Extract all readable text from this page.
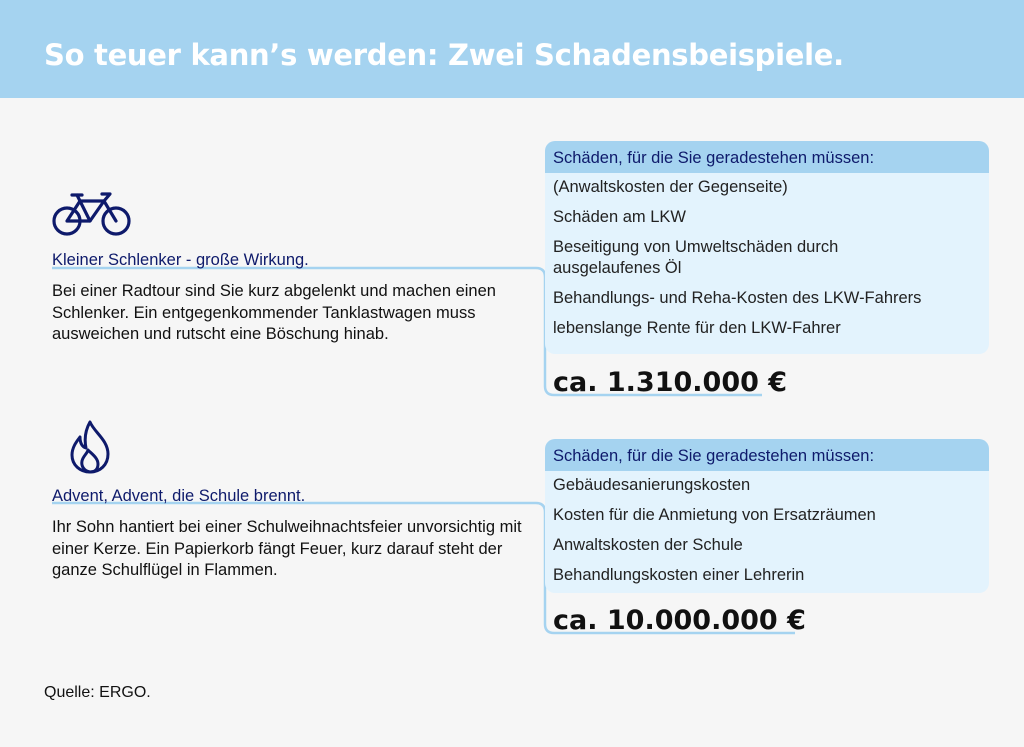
So teuer kann’s werden: Zwei Schadensbeispiele.
Kleiner Schlenker - große Wirkung.
Bei einer Radtour sind Sie kurz abgelenkt und machen einen Schlenker. Ein entgegenkommender Tanklastwagen muss ausweichen und rutscht eine Böschung hinab.
Schäden, für die Sie geradestehen müssen:
(Anwaltskosten der Gegenseite)
Schäden am LKW
Beseitigung von Umweltschäden durch ausgelaufenes Öl
Behandlungs- und Reha-Kosten des LKW-Fahrers
lebenslange Rente für den LKW-Fahrer
ca. 1.310.000 €
Advent, Advent, die Schule brennt.
Ihr Sohn hantiert bei einer Schulweihnachtsfeier unvorsichtig mit einer Kerze. Ein Papierkorb fängt Feuer, kurz darauf steht der ganze Schulflügel in Flammen.
Schäden, für die Sie geradestehen müssen:
Gebäudesanierungskosten
Kosten für die Anmietung von Ersatzräumen
Anwaltskosten der Schule
Behandlungskosten einer Lehrerin
ca. 10.000.000 €
Quelle: ERGO.
